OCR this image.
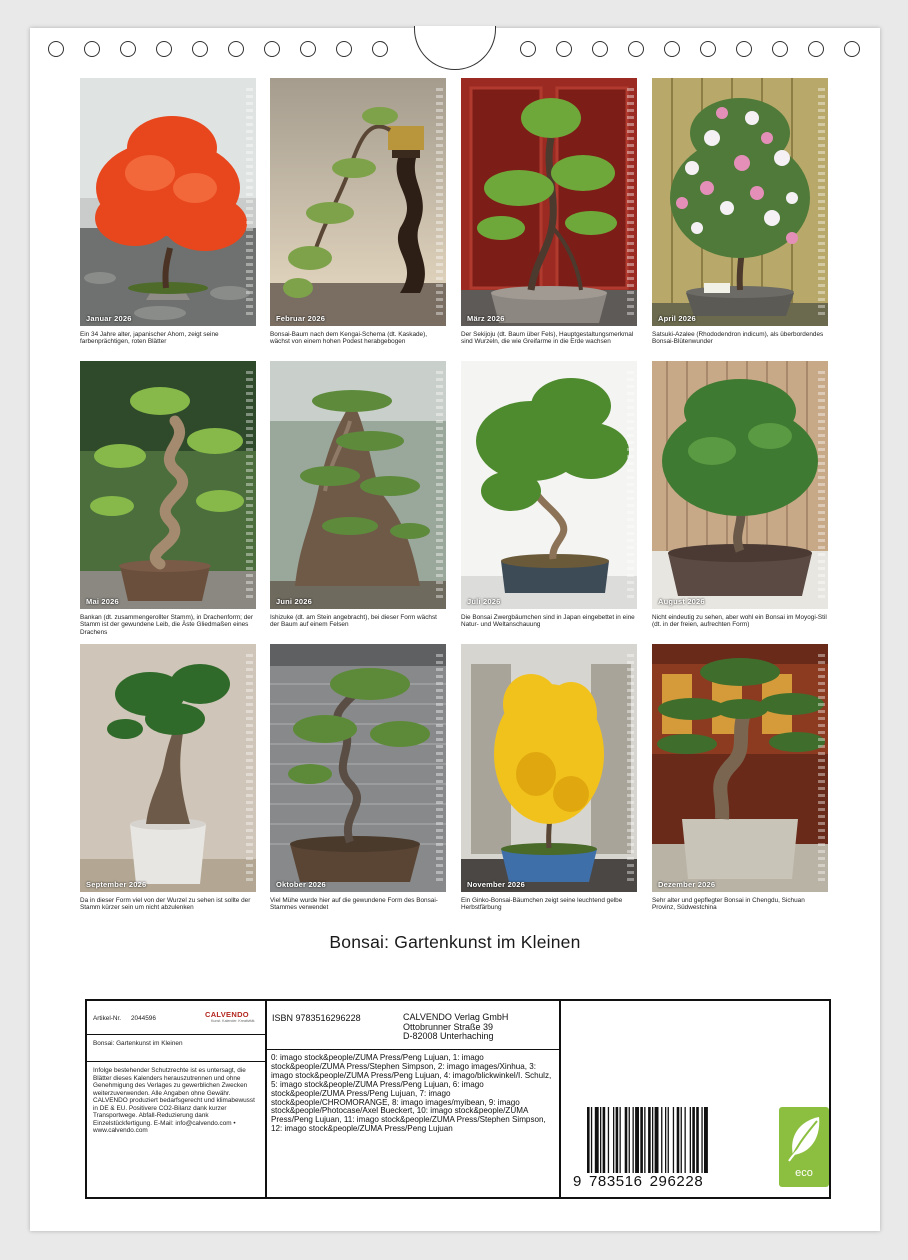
Januar 2026
Ein 34 Jahre alter, japanischer Ahorn, zeigt seine farbenprächtigen, roten Blätter
Februar 2026
Bonsai-Baum nach dem Kengai-Schema (dt. Kaskade), wächst von einem hohen Podest herabgebogen
März 2026
Der Sekijoju (dt. Baum über Fels), Hauptgestaltungsmerkmal sind Wurzeln, die wie Greifarme in die Erde wachsen
April 2026
Satsuki-Azalee (Rhododendron indicum), als überbordendes Bonsai-Blütenwunder
Mai 2026
Bankan (dt. zusammengerollter Stamm), in Drachenform; der Stamm ist der gewundene Leib, die Äste Gliedmaßen eines Drachens
Juni 2026
Ishizuke (dt. am Stein angebracht), bei dieser Form wächst der Baum auf einem Felsen
Juli 2026
Die Bonsai Zwergbäumchen sind in Japan eingebettet in eine Natur- und Weltanschauung
August 2026
Nicht eindeutig zu sehen, aber wohl ein Bonsai im Moyogi-Stil (dt. in der freien, aufrechten Form)
September 2026
Da in dieser Form viel von der Wurzel zu sehen ist sollte der Stamm kürzer sein um nicht abzulenken
Oktober 2026
Viel Mühe wurde hier auf die gewundene Form des Bonsai-Stammes verwendet
November 2026
Ein Ginko-Bonsai-Bäumchen zeigt seine leuchtend gelbe Herbstfärbung
Dezember 2026
Sehr alter und gepflegter Bonsai in Chengdu, Sichuan Provinz, Südwestchina
Bonsai: Gartenkunst im Kleinen
Artikel-Nr. 2044596	CALVENDO
Kunst. Kalender. Kreativität.
Bonsai: Gartenkunst im Kleinen
Infolge bestehender Schutzrechte ist es untersagt, die Blätter dieses Kalenders herauszutrennen und ohne Genehmigung des Verlages zu gewerblichen Zwecken weiterzuverwenden. Alle Angaben ohne Gewähr. CALVENDO produziert bedarfsgerecht und klimabewusst in DE & EU. Positivere CO2-Bilanz dank kurzer Transportwege. Abfall-Reduzierung dank Einzelstückfertigung. E-Mail: info@calvendo.com • www.calvendo.com
ISBN 9783516296228	CALVENDO Verlag GmbH
Ottobrunner Straße 39
D-82008 Unterhaching
0: imago stock&people/ZUMA Press/Peng Lujuan, 1: imago stock&people/ZUMA Press/Stephen Simpson, 2: imago images/Xinhua, 3: imago stock&people/ZUMA Press/Peng Lujuan, 4: imago/blickwinkel/I. Schulz, 5: imago stock&people/ZUMA Press/Peng Lujuan, 6: imago stock&people/ZUMA Press/Peng Lujuan, 7: imago stock&people/CHROMORANGE, 8: imago images/myibean, 9: imago stock&people/Photocase/Axel Bueckert, 10: imago stock&people/ZUMA Press/Peng Lujuan, 11: imago stock&people/ZUMA Press/Stephen Simpson, 12: imago stock&people/ZUMA Press/Peng Lujuan
9 783516 296228	eco
